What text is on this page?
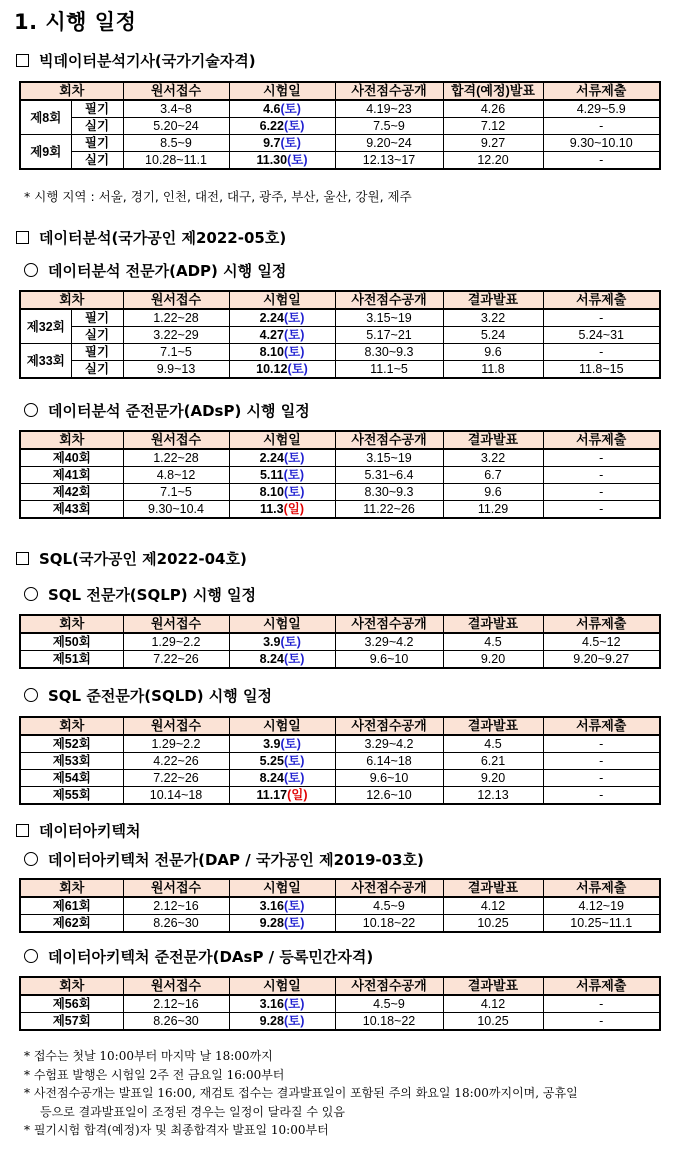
1. 시행 일정
빅데이터분석기사(국가기술자격)
회차		원서접수	시험일	사전점수공개	합격(예정)발표	서류제출
제8회	필기	3.4~8	4.6(토)	4.19~23	4.26	4.29~5.9
	실기	5.20~24	6.22(토)	7.5~9	7.12	-
제9회	필기	8.5~9	9.7(토)	9.20~24	9.27	9.30~10.10
	실기	10.28~11.1	11.30(토)	12.13~17	12.20	-
* 시행 지역 : 서울, 경기, 인천, 대전, 대구, 광주, 부산, 울산, 강원, 제주
데이터분석(국가공인 제2022-05호)
데이터분석 전문가(ADP) 시행 일정
회차		원서접수	시험일	사전점수공개	결과발표	서류제출
제32회	필기	1.22~28	2.24(토)	3.15~19	3.22	-
	실기	3.22~29	4.27(토)	5.17~21	5.24	5.24~31
제33회	필기	7.1~5	8.10(토)	8.30~9.3	9.6	-
	실기	9.9~13	10.12(토)	11.1~5	11.8	11.8~15
데이터분석 준전문가(ADsP) 시행 일정
회차	원서접수	시험일	사전점수공개	결과발표	서류제출
제40회	1.22~28	2.24(토)	3.15~19	3.22	-
제41회	4.8~12	5.11(토)	5.31~6.4	6.7	-
제42회	7.1~5	8.10(토)	8.30~9.3	9.6	-
제43회	9.30~10.4	11.3(일)	11.22~26	11.29	-
SQL(국가공인 제2022-04호)
SQL 전문가(SQLP) 시행 일정
회차	원서접수	시험일	사전점수공개	결과발표	서류제출
제50회	1.29~2.2	3.9(토)	3.29~4.2	4.5	4.5~12
제51회	7.22~26	8.24(토)	9.6~10	9.20	9.20~9.27
SQL 준전문가(SQLD) 시행 일정
회차	원서접수	시험일	사전점수공개	결과발표	서류제출
제52회	1.29~2.2	3.9(토)	3.29~4.2	4.5	-
제53회	4.22~26	5.25(토)	6.14~18	6.21	-
제54회	7.22~26	8.24(토)	9.6~10	9.20	-
제55회	10.14~18	11.17(일)	12.6~10	12.13	-
데이터아키텍처
데이터아키텍처 전문가(DAP / 국가공인 제2019-03호)
회차	원서접수	시험일	사전점수공개	결과발표	서류제출
제61회	2.12~16	3.16(토)	4.5~9	4.12	4.12~19
제62회	8.26~30	9.28(토)	10.18~22	10.25	10.25~11.1
데이터아키텍처 준전문가(DAsP / 등록민간자격)
회차	원서접수	시험일	사전점수공개	결과발표	서류제출
제56회	2.12~16	3.16(토)	4.5~9	4.12	-
제57회	8.26~30	9.28(토)	10.18~22	10.25	-
* 접수는 첫날 10:00부터 마지막 날 18:00까지
* 수험표 발행은 시험일 2주 전 금요일 16:00부터
* 사전점수공개는 발표일 16:00, 재검토 접수는 결과발표일이 포함된 주의 화요일 18:00까지이며, 공휴일
등으로 결과발표일이 조정된 경우는 일정이 달라질 수 있음
* 필기시험 합격(예정)자 및 최종합격자 발표일 10:00부터
